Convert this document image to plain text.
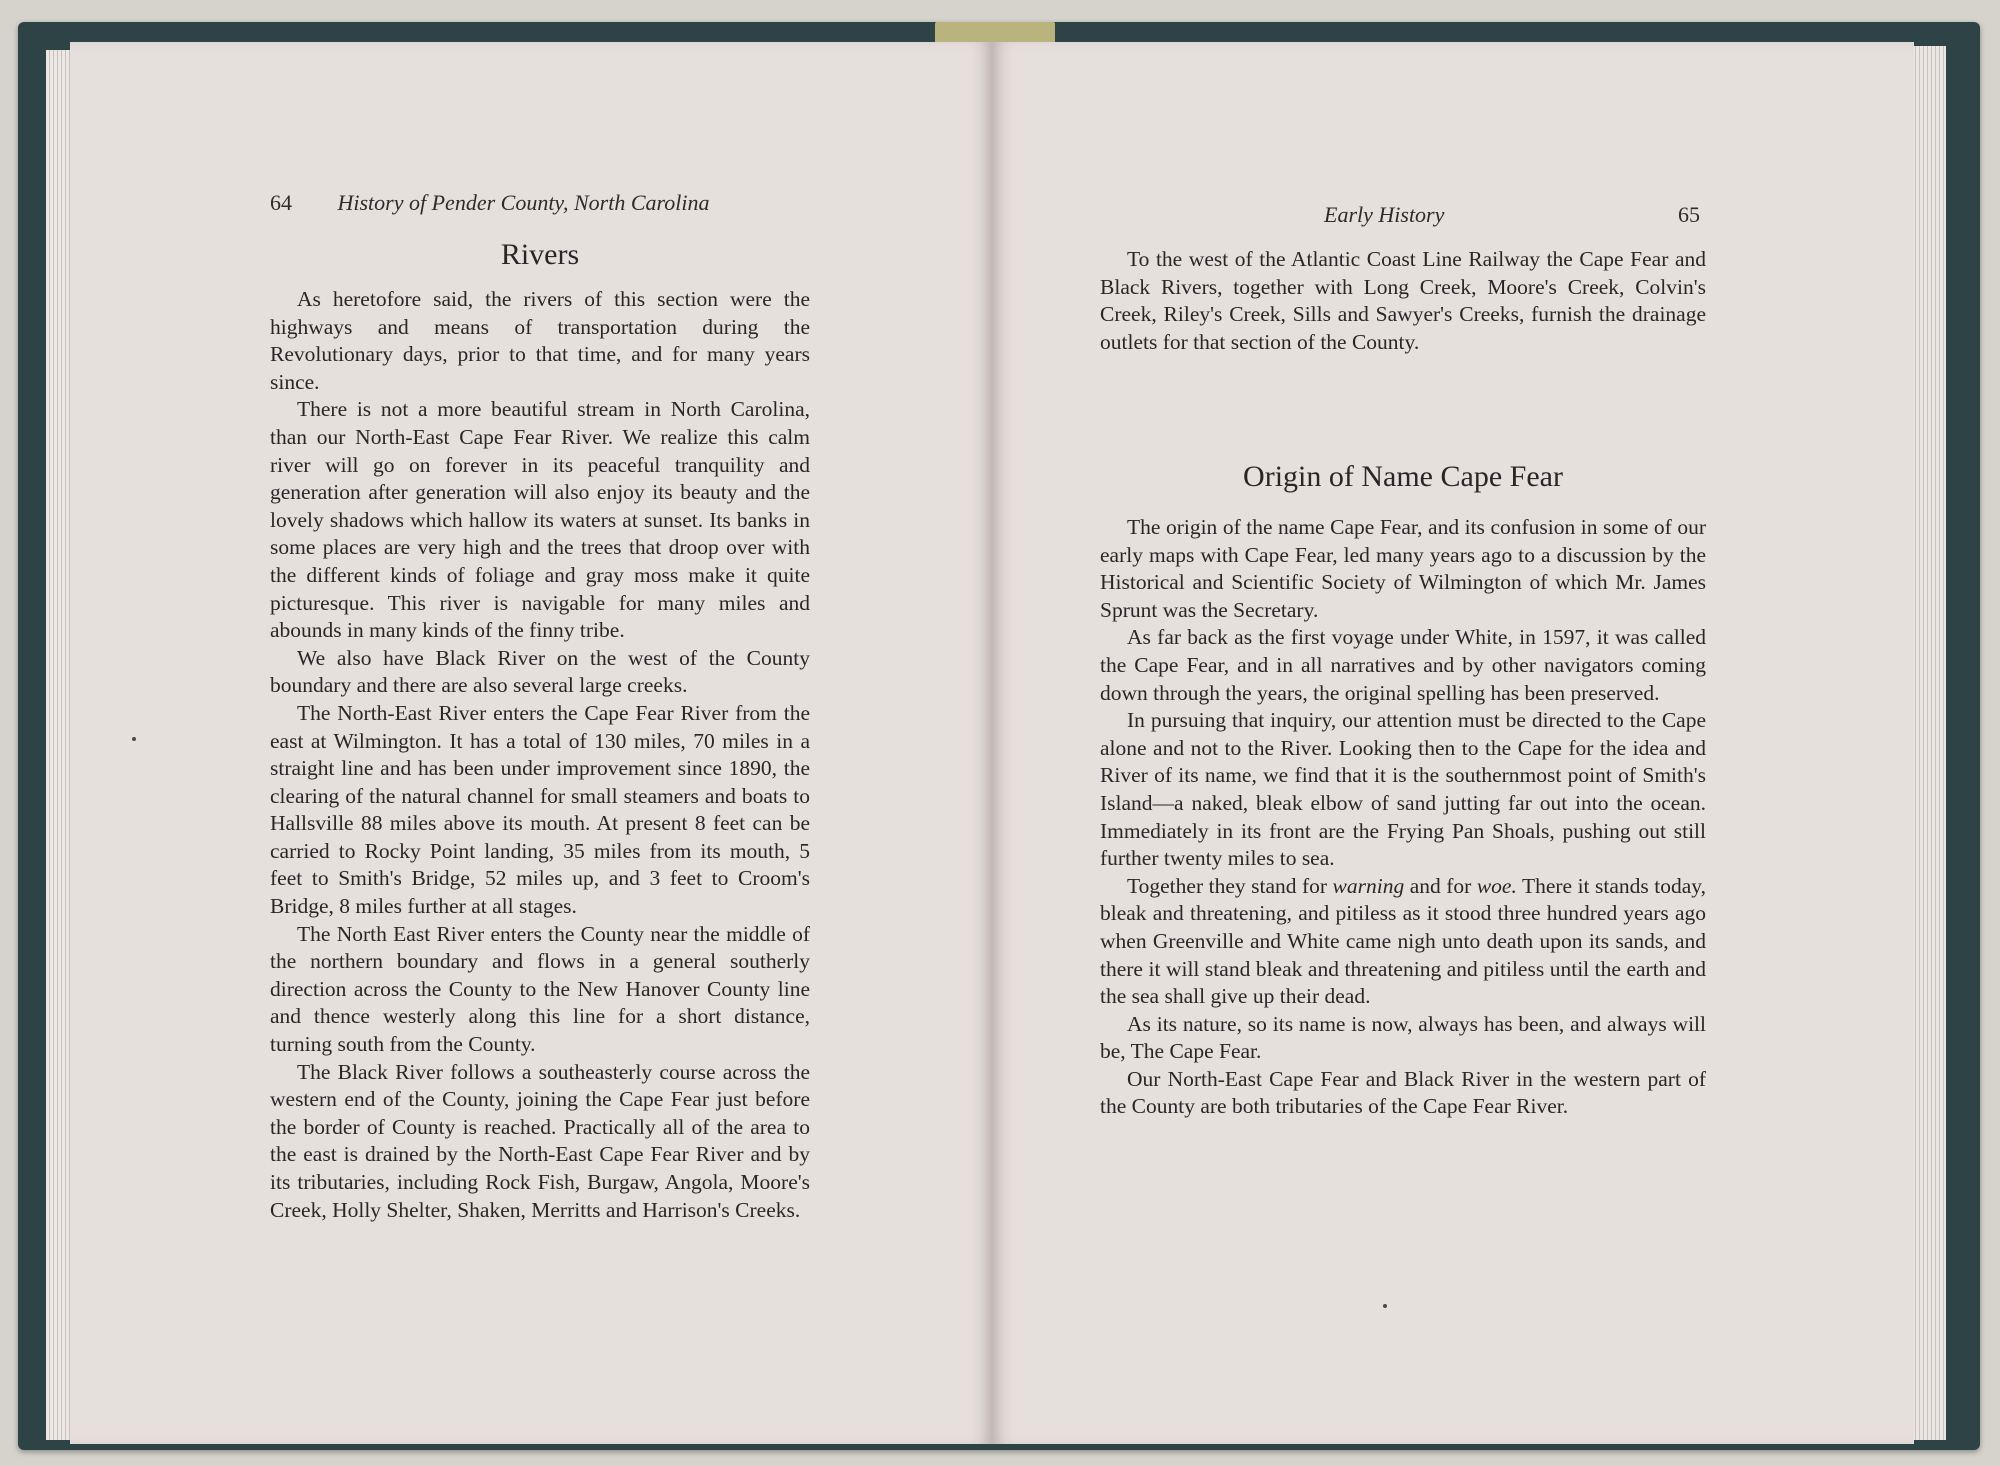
64 History of Pender County, North Carolina
Rivers

As heretofore said, the rivers of this section were the highways and means of transportation during the Revolutionary days, prior to that time, and for many years since.

There is not a more beautiful stream in North Carolina, than our North-East Cape Fear River. We realize this calm river will go on forever in its peaceful tranquility and generation after generation will also enjoy its beauty and the lovely shadows which hallow its waters at sunset. Its banks in some places are very high and the trees that droop over with the different kinds of foliage and gray moss make it quite picturesque. This river is navigable for many miles and abounds in many kinds of the finny tribe.

We also have Black River on the west of the County boundary and there are also several large creeks.

The North-East River enters the Cape Fear River from the east at Wilmington. It has a total of 130 miles, 70 miles in a straight line and has been under improvement since 1890, the clearing of the natural channel for small steamers and boats to Hallsville 88 miles above its mouth. At present 8 feet can be carried to Rocky Point landing, 35 miles from its mouth, 5 feet to Smith's Bridge, 52 miles up, and 3 feet to Croom's Bridge, 8 miles further at all stages.

The North East River enters the County near the middle of the northern boundary and flows in a general southerly direction across the County to the New Hanover County line and thence westerly along this line for a short distance, turning south from the County.

The Black River follows a southeasterly course across the western end of the County, joining the Cape Fear just before the border of County is reached. Practically all of the area to the east is drained by the North-East Cape Fear River and by its tributaries, including Rock Fish, Burgaw, Angola, Moore's Creek, Holly Shelter, Shaken, Merritts and Harrison's Creeks.

Early History	65

To the west of the Atlantic Coast Line Railway the Cape Fear and Black Rivers, together with Long Creek, Moore's Creek, Colvin's Creek, Riley's Creek, Sills and Sawyer's Creeks, furnish the drainage outlets for that section of the County.

Origin of Name Cape Fear

The origin of the name Cape Fear, and its confusion in some of our early maps with Cape Fear, led many years ago to a discussion by the Historical and Scientific Society of Wilmington of which Mr. James Sprunt was the Secretary.

As far back as the first voyage under White, in 1597, it was called the Cape Fear, and in all narratives and by other navigators coming down through the years, the original spelling has been preserved.

In pursuing that inquiry, our attention must be directed to the Cape alone and not to the River. Looking then to the Cape for the idea and River of its name, we find that it is the southernmost point of Smith's Island—a naked, bleak elbow of sand jutting far out into the ocean. Immediately in its front are the Frying Pan Shoals, pushing out still further twenty miles to sea.

Together they stand for warning and for woe. There it stands today, bleak and threatening, and pitiless as it stood three hundred years ago when Greenville and White came nigh unto death upon its sands, and there it will stand bleak and threatening and pitiless until the earth and the sea shall give up their dead.

As its nature, so its name is now, always has been, and always will be, The Cape Fear.

Our North-East Cape Fear and Black River in the western part of the County are both tributaries of the Cape Fear River.
